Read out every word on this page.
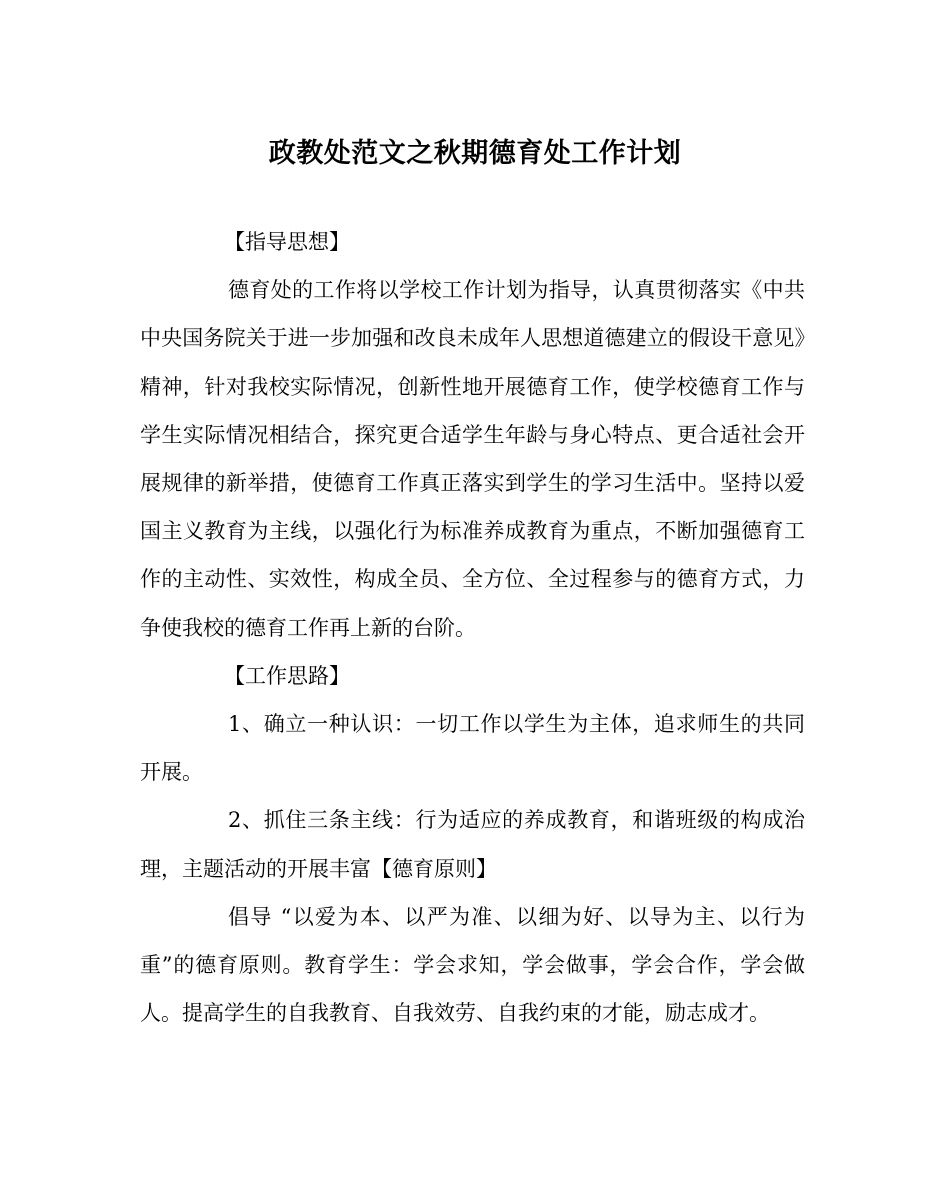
政教处范文之秋期德育处工作计划

【指导思想】

德育处的工作将以学校工作计划为指导，认真贯彻落实《中共中央国务院关于进一步加强和改良未成年人思想道德建立的假设干意见》精神，针对我校实际情况，创新性地开展德育工作，使学校德育工作与学生实际情况相结合，探究更合适学生年龄与身心特点、更合适社会开展规律的新举措，使德育工作真正落实到学生的学习生活中。坚持以爱国主义教育为主线，以强化行为标准养成教育为重点，不断加强德育工作的主动性、实效性，构成全员、全方位、全过程参与的德育方式，力争使我校的德育工作再上新的台阶。

【工作思路】

1、确立一种认识：一切工作以学生为主体，追求师生的共同开展。

2、抓住三条主线：行为适应的养成教育，和谐班级的构成治理，主题活动的开展丰富【德育原则】

倡导 “以爱为本、以严为准、以细为好、以导为主、以行为重”的德育原则。教育学生：学会求知，学会做事，学会合作，学会做人。提高学生的自我教育、自我效劳、自我约束的才能，励志成才。
